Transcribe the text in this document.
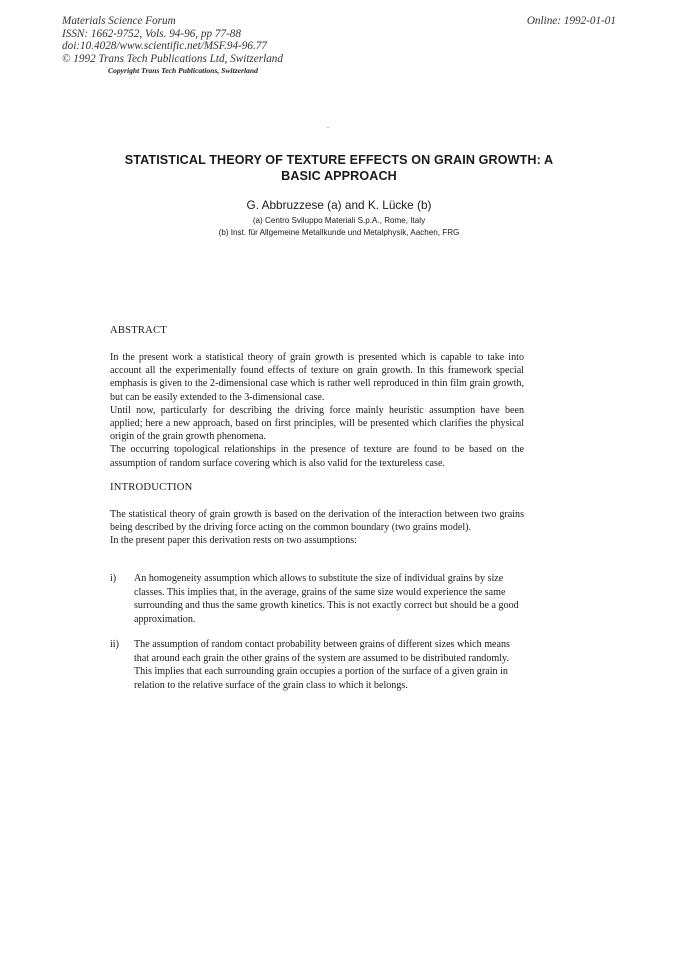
Materials Science Forum
ISSN: 1662-9752, Vols. 94-96, pp 77-88
doi:10.4028/www.scientific.net/MSF.94-96.77
© 1992 Trans Tech Publications Ltd, Switzerland
Copyright Trans Tech Publications, Switzerland
Online: 1992-01-01
STATISTICAL THEORY OF TEXTURE EFFECTS ON GRAIN GROWTH: A
BASIC APPROACH
G. Abbruzzese (a) and K. Lücke (b)
(a) Centro Sviluppo Materiali S.p.A., Rome, Italy
(b) Inst. für Allgemeine Metallkunde und Metalphysik, Aachen, FRG
ABSTRACT

In the present work a statistical theory of grain growth is presented which is capable to take into account all the experimentally found effects of texture on grain growth. In this framework special emphasis is given to the 2-dimensional case which is rather well reproduced in thin film grain growth, but can be easily extended to the 3-dimensional case.

Until now, particularly for describing the driving force mainly heuristic assumption have been applied; here a new approach, based on first principles, will be presented which clarifies the physical origin of the grain growth phenomena.

The occurring topological relationships in the presence of texture are found to be based on the assumption of random surface covering which is also valid for the textureless case.

INTRODUCTION

The statistical theory of grain growth is based on the derivation of the interaction between two grains being described by the driving force acting on the common boundary (two grains model).

In the present paper this derivation rests on two assumptions:

i) An homogeneity assumption which allows to substitute the size of individual grains by size classes. This implies that, in the average, grains of the same size would experience the same surrounding and thus the same growth kinetics. This is not exactly correct but should be a good approximation.
ii) The assumption of random contact probability between grains of different sizes which means that around each grain the other grains of the system are assumed to be distributed randomly. This implies that each surrounding grain occupies a portion of the surface of a given grain in relation to the relative surface of the grain class to which it belongs.
